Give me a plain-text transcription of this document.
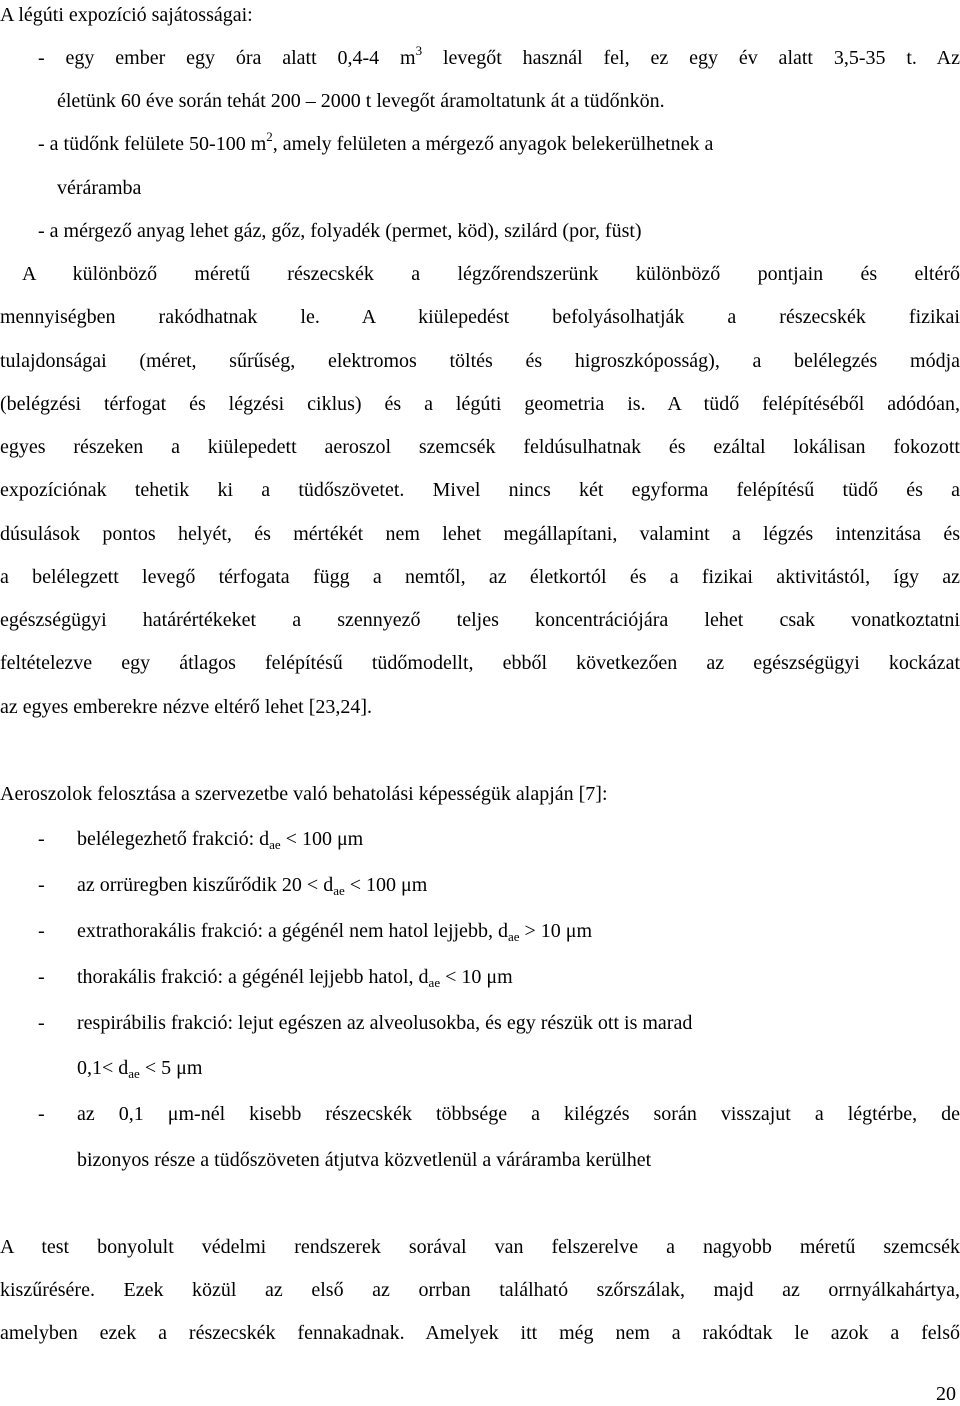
A légúti expozíció sajátosságai:
- egy ember egy óra alatt 0,4-4 $m^3$ levegőt használ fel, ez egy év alatt 3,5-35 t. Az
életünk 60 éve során tehát 200 – 2000 t levegőt áramoltatunk át a tüdőnkön.
- a tüdőnk felülete 50-100 $m^2$, amely felületen a mérgező anyagok belekerülhetnek a
véráramba
- a mérgező anyag lehet gáz, gőz, folyadék (permet, köd), szilárd (por, füst)
A különböző méretű részecskék a légzőrendszerünk különböző pontjain és eltérő
mennyiségben rakódhatnak le. A kiülepedést befolyásolhatják a részecskék fizikai
tulajdonságai (méret, sűrűség, elektromos töltés és higroszkóposság), a belélegzés módja
(belégzési térfogat és légzési ciklus) és a légúti geometria is. A tüdő felépítéséből adódóan,
egyes részeken a kiülepedett aeroszol szemcsék feldúsulhatnak és ezáltal lokálisan fokozott
expozíciónak tehetik ki a tüdőszövetet. Mivel nincs két egyforma felépítésű tüdő és a
dúsulások pontos helyét, és mértékét nem lehet megállapítani, valamint a légzés intenzitása és
a belélegzett levegő térfogata függ a nemtől, az életkortól és a fizikai aktivitástól, így az
egészségügyi határértékeket a szennyező teljes koncentrációjára lehet csak vonatkoztatni
feltételezve egy átlagos felépítésű tüdőmodellt, ebből következően az egészségügyi kockázat
az egyes emberekre nézve eltérő lehet [23,24].
Aeroszolok felosztása a szervezetbe való behatolási képességük alapján [7]:
- belélegezhető frakció: $d_{ae} < 100$ μm
- az orrüregben kiszűrődik $20 < d_{ae} < 100$ μm
- extrathorakális frakció: a gégénél nem hatol lejjebb, $d_{ae} > 10$ μm
- thorakális frakció: a gégénél lejjebb hatol, $d_{ae} < 10$ μm
- respirábilis frakció: lejut egészen az alveolusokba, és egy részük ott is marad
$0,1< d_{ae} < 5$ μm
- az 0,1 μm-nél kisebb részecskék többsége a kilégzés során visszajut a légtérbe, de
bizonyos része a tüdőszöveten átjutva közvetlenül a váráramba kerülhet
A test bonyolult védelmi rendszerek sorával van felszerelve a nagyobb méretű szemcsék
kiszűrésére. Ezek közül az első az orrban található szőrszálak, majd az orrnyálkahártya,
amelyben ezek a részecskék fennakadnak. Amelyek itt még nem a rakódtak le azok a felső
20
